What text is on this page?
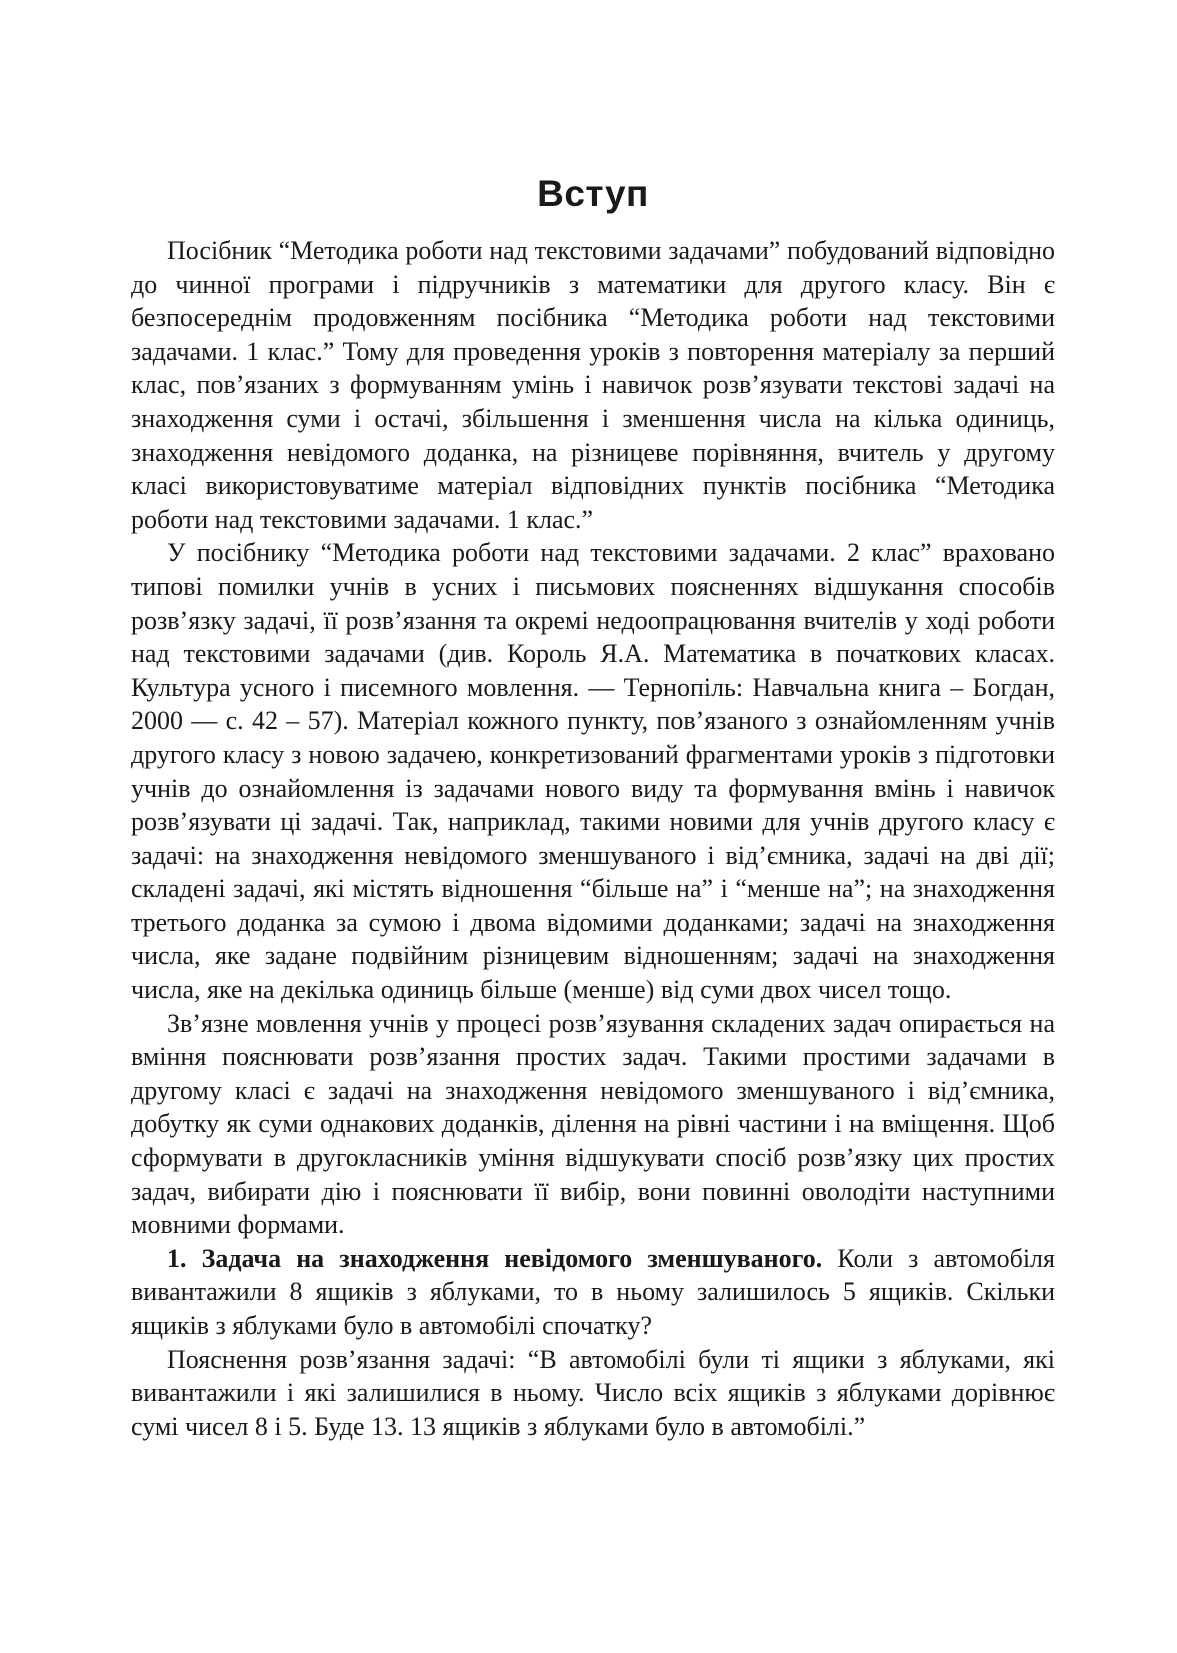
Вступ

Посібник “Методика роботи над текстовими задачами” побудований відповідно до чинної програми і підручників з математики для другого класу. Він є безпосереднім продовженням посібника “Методика роботи над текстовими задачами. 1 клас.” Тому для проведення уроків з повторення матеріалу за перший клас, пов’язаних з формуванням умінь і навичок розв’язувати текстові задачі на знаходження суми і остачі, збільшення і зменшення числа на кілька одиниць, знаходження невідомого доданка, на різницеве порівняння, вчитель у другому класі використовуватиме матеріал відповідних пунктів посібника “Методика роботи над текстовими задачами. 1 клас.”

У посібнику “Методика роботи над текстовими задачами. 2 клас” враховано типові помилки учнів в усних і письмових поясненнях відшукання способів розв’язку задачі, її розв’язання та окремі недоопрацювання вчителів у ході роботи над текстовими задачами (див. Король Я.А. Математика в початкових класах. Культура усного і писемного мовлення. — Тернопіль: Навчальна книга – Богдан, 2000 — с. 42 – 57). Матеріал кожного пункту, пов’язаного з ознайомленням учнів другого класу з новою задачею, конкретизований фрагментами уроків з підготовки учнів до ознайомлення із задачами нового виду та формування вмінь і навичок розв’язувати ці задачі. Так, наприклад, такими новими для учнів другого класу є задачі: на знаходження невідомого зменшуваного і від’ємника, задачі на дві дії; складені задачі, які містять відношення “більше на” і “менше на”; на знаходження третього доданка за сумою і двома відомими доданками; задачі на знаходження числа, яке задане подвійним різницевим відношенням; задачі на знаходження числа, яке на декілька одиниць більше (менше) від суми двох чисел тощо.

Зв’язне мовлення учнів у процесі розв’язування складених задач опирається на вміння пояснювати розв’язання простих задач. Такими простими задачами в другому класі є задачі на знаходження невідомого зменшуваного і від’ємника, добутку як суми однакових доданків, ділення на рівні частини і на вміщення. Щоб сформувати в другокласників уміння відшукувати спосіб розв’язку цих простих задач, вибирати дію і пояснювати її вибір, вони повинні оволодіти наступними мовними формами.

1. Задача на знаходження невідомого зменшуваного. Коли з автомобіля вивантажили 8 ящиків з яблуками, то в ньому залишилось 5 ящиків. Скільки ящиків з яблуками було в автомобілі спочатку?

Пояснення розв’язання задачі: “В автомобілі були ті ящики з яблуками, які вивантажили і які залишилися в ньому. Число всіх ящиків з яблуками дорівнює сумі чисел 8 і 5. Буде 13. 13 ящиків з яблуками було в автомобілі.”
